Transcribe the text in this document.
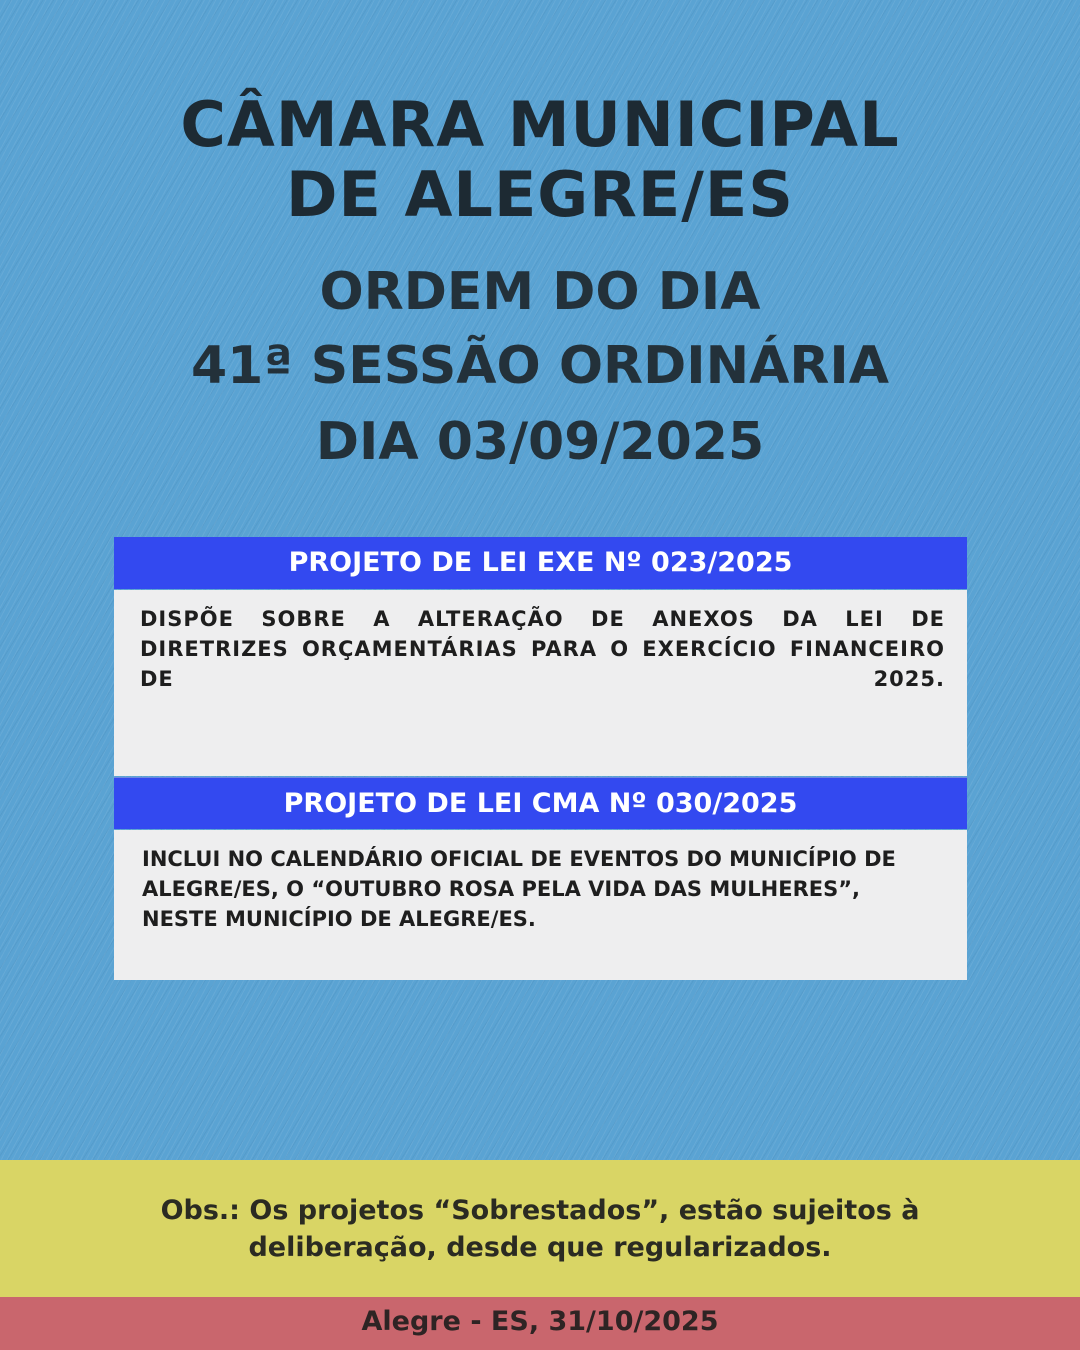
CÂMARA MUNICIPAL
DE ALEGRE/ES
ORDEM DO DIA
41ª SESSÃO ORDINÁRIA
DIA 03/09/2025
PROJETO DE LEI EXE Nº 023/2025

DISPÕE SOBRE A ALTERAÇÃO DE ANEXOS DA LEI DE DIRETRIZES ORÇAMENTÁRIAS PARA O EXERCÍCIO FINANCEIRO DE 2025.

PROJETO DE LEI CMA Nº 030/2025

INCLUI NO CALENDÁRIO OFICIAL DE EVENTOS DO MUNICÍPIO DE ALEGRE/ES, O “OUTUBRO ROSA PELA VIDA DAS MULHERES”, NESTE MUNICÍPIO DE ALEGRE/ES.

Obs.: Os projetos “Sobrestados”, estão sujeitos à
deliberação, desde que regularizados.

Alegre - ES, 31/10/2025
